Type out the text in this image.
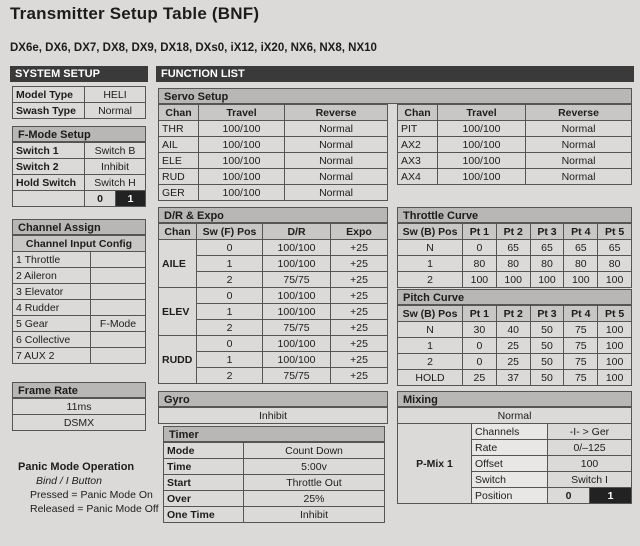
Transmitter Setup Table (BNF)
DX6e, DX6, DX7, DX8, DX9, DX18, DXs0, iX12, iX20, NX6, NX8, NX10
SYSTEM SETUP
Model Type	HELI
Swash Type	Normal
F-Mode Setup
Switch 1	Switch B	
Switch 2	Inhibit	
Hold Switch	Switch H	
	0	1
Channel Assign
Channel Input Config	
1 Throttle	
2 Aileron	
3 Elevator	
4 Rudder	
5 Gear	F-Mode
6 Collective	
7 AUX 2	
Frame Rate
11ms
DSMX
Panic Mode Operation
Bind / I Button
Pressed = Panic Mode On
Released = Panic Mode Off
FUNCTION LIST
Servo Setup
Chan	Travel	Reverse
THR	100/100	Normal
AIL	100/100	Normal
ELE	100/100	Normal
RUD	100/100	Normal
GER	100/100	Normal
Chan	Travel	Reverse
PIT	100/100	Normal
AX2	100/100	Normal
AX3	100/100	Normal
AX4	100/100	Normal
D/R & Expo
Chan	Sw (F) Pos	D/R	Expo
AILE	0	100/100	+25
	1	100/100	+25
	2	75/75	+25
ELEV	0	100/100	+25
	1	100/100	+25
	2	75/75	+25
RUDD	0	100/100	+25
	1	100/100	+25
	2	75/75	+25
Throttle Curve
Sw (B) Pos	Pt 1	Pt 2	Pt 3	Pt 4	Pt 5
N	0	65	65	65	65
1	80	80	80	80	80
2	100	100	100	100	100
Pitch Curve
Sw (B) Pos	Pt 1	Pt 2	Pt 3	Pt 4	Pt 5
N	30	40	50	75	100
1	0	25	50	75	100
2	0	25	50	75	100
HOLD	25	37	50	75	100
Gyro
Inhibit
Timer
Mode	Count Down
Time	5:00v
Start	Throttle Out
Over	25%
One Time	Inhibit
Mixing
Normal			
P-Mix 1	Channels	-I- > Ger	
	Rate	0/–125	
	Offset	100	
	Switch	Switch I	
	Position	0	1
